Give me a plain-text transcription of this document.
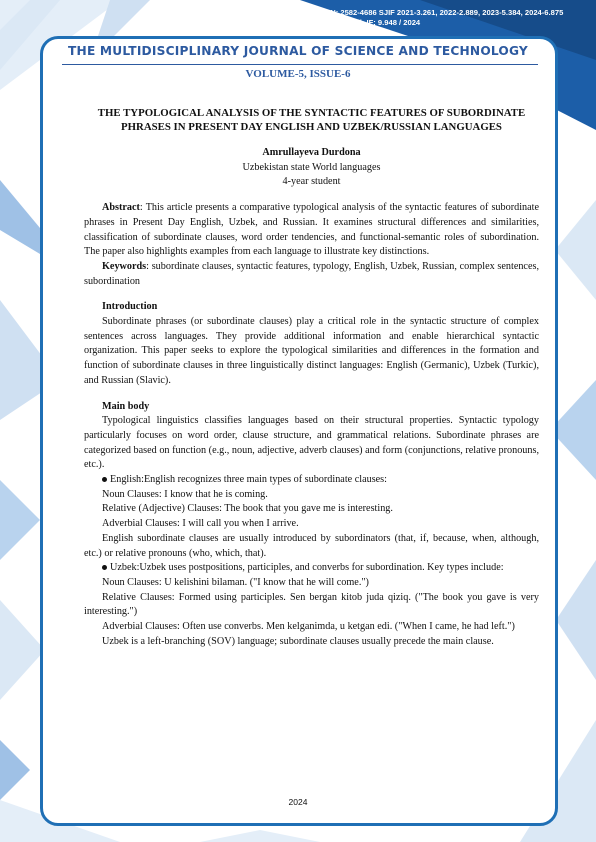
ISSN: 2582-4686 SJIF 2021-3.261, 2022-2.889, 2023-5.384, 2024-6.875 ResearchBib IF: 9.948 / 2024
THE MULTIDISCIPLINARY JOURNAL OF SCIENCE AND TECHNOLOGY
VOLUME-5, ISSUE-6

THE TYPOLOGICAL ANALYSIS OF THE SYNTACTIC FEATURES OF SUBORDINATE PHRASES IN PRESENT DAY ENGLISH AND UZBEK/RUSSIAN LANGUAGES

Amrullayeva Durdona

Uzbekistan state World languages

4-year student

Abstract: This article presents a comparative typological analysis of the syntactic features of subordinate phrases in Present Day English, Uzbek, and Russian. It examines structural differences and similarities, classification of subordinate clauses, word order tendencies, and functional-semantic roles of subordination. The paper also highlights examples from each language to illustrate key distinctions.

Keywords: subordinate clauses, syntactic features, typology, English, Uzbek, Russian, complex sentences, subordination

Introduction

Subordinate phrases (or subordinate clauses) play a critical role in the syntactic structure of complex sentences across languages. They provide additional information and enable hierarchical syntactic organization. This paper seeks to explore the typological similarities and differences in the formation and function of subordinate clauses in three linguistically distinct languages: English (Germanic), Uzbek (Turkic), and Russian (Slavic).

Main body

Typological linguistics classifies languages based on their structural properties. Syntactic typology particularly focuses on word order, clause structure, and grammatical relations. Subordinate phrases are categorized based on function (e.g., noun, adjective, adverb clauses) and form (conjunctions, relative pronouns, etc.).

English:English recognizes three main types of subordinate clauses:

Noun Clauses: I know that he is coming.

Relative (Adjective) Clauses: The book that you gave me is interesting.

Adverbial Clauses: I will call you when I arrive.

English subordinate clauses are usually introduced by subordinators (that, if, because, when, although, etc.) or relative pronouns (who, which, that).

Uzbek:Uzbek uses postpositions, participles, and converbs for subordination. Key types include:

Noun Clauses: U kelishini bilaman. ("I know that he will come.")

Relative Clauses: Formed using participles. Sen bergan kitob juda qiziq. ("The book you gave is very interesting.")

Adverbial Clauses: Often use converbs. Men kelganimda, u ketgan edi. ("When I came, he had left.")

Uzbek is a left-branching (SOV) language; subordinate clauses usually precede the main clause.

2024
